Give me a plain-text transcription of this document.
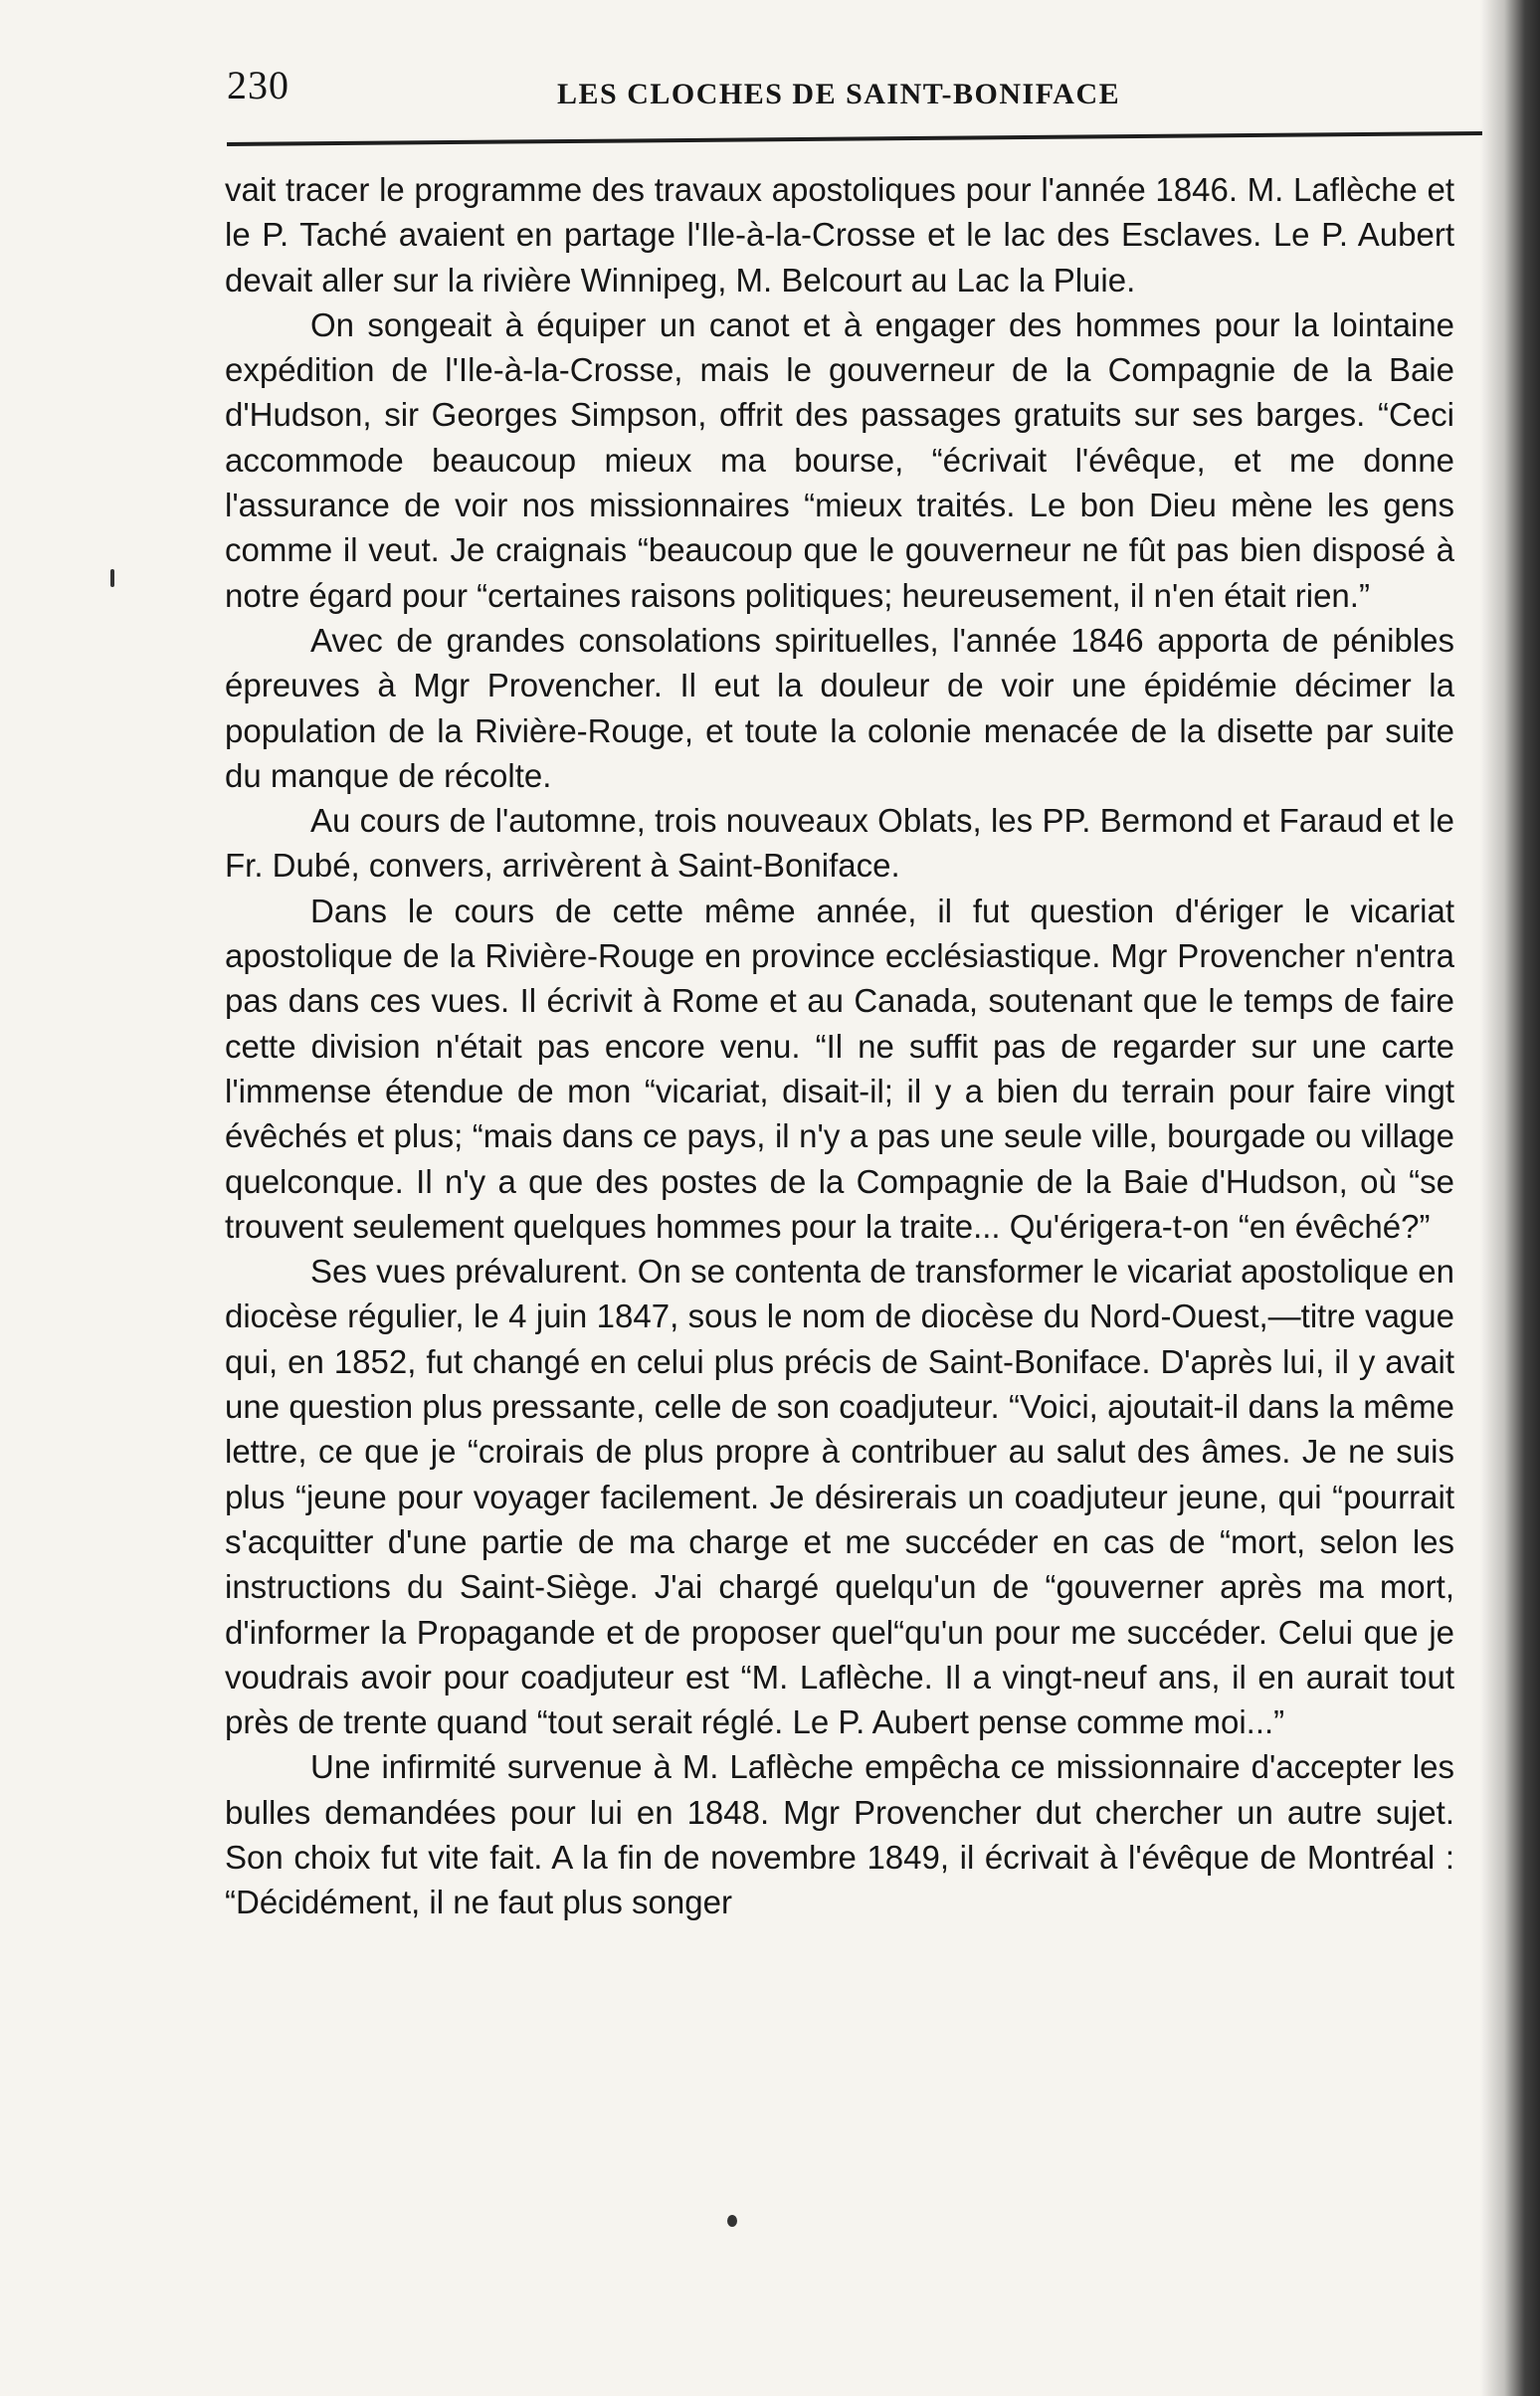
230	LES CLOCHES DE SAINT-BONIFACE

vait tracer le programme des travaux apostoliques pour l'année 1846. M. Laflèche et le P. Taché avaient en partage l'Ile-à-la-Crosse et le lac des Esclaves. Le P. Aubert devait aller sur la rivière Winnipeg, M. Belcourt au Lac la Pluie.

On songeait à équiper un canot et à engager des hommes pour la lointaine expédition de l'Ile-à-la-Crosse, mais le gouverneur de la Compagnie de la Baie d'Hudson, sir Georges Simpson, offrit des passages gratuits sur ses barges. “Ceci accommode beaucoup mieux ma bourse, “écrivait l'évêque, et me donne l'assurance de voir nos missionnaires “mieux traités. Le bon Dieu mène les gens comme il veut. Je craignais “beaucoup que le gouverneur ne fût pas bien disposé à notre égard pour “certaines raisons politiques; heureusement, il n'en était rien.”

Avec de grandes consolations spirituelles, l'année 1846 apporta de pénibles épreuves à Mgr Provencher. Il eut la douleur de voir une épidémie décimer la population de la Rivière-Rouge, et toute la colonie menacée de la disette par suite du manque de récolte.

Au cours de l'automne, trois nouveaux Oblats, les PP. Bermond et Faraud et le Fr. Dubé, convers, arrivèrent à Saint-Boniface.

Dans le cours de cette même année, il fut question d'ériger le vicariat apostolique de la Rivière-Rouge en province ecclésiastique. Mgr Provencher n'entra pas dans ces vues. Il écrivit à Rome et au Canada, soutenant que le temps de faire cette division n'était pas encore venu. “Il ne suffit pas de regarder sur une carte l'immense étendue de mon “vicariat, disait-il; il y a bien du terrain pour faire vingt évêchés et plus; “mais dans ce pays, il n'y a pas une seule ville, bourgade ou village quelconque. Il n'y a que des postes de la Compagnie de la Baie d'Hudson, où “se trouvent seulement quelques hommes pour la traite... Qu'érigera-t-on “en évêché?”

Ses vues prévalurent. On se contenta de transformer le vicariat apostolique en diocèse régulier, le 4 juin 1847, sous le nom de diocèse du Nord-Ouest,—titre vague qui, en 1852, fut changé en celui plus précis de Saint-Boniface. D'après lui, il y avait une question plus pressante, celle de son coadjuteur. “Voici, ajoutait-il dans la même lettre, ce que je “croirais de plus propre à contribuer au salut des âmes. Je ne suis plus “jeune pour voyager facilement. Je désirerais un coadjuteur jeune, qui “pourrait s'acquitter d'une partie de ma charge et me succéder en cas de “mort, selon les instructions du Saint-Siège. J'ai chargé quelqu'un de “gouverner après ma mort, d'informer la Propagande et de proposer quel“qu'un pour me succéder. Celui que je voudrais avoir pour coadjuteur est “M. Laflèche. Il a vingt-neuf ans, il en aurait tout près de trente quand “tout serait réglé. Le P. Aubert pense comme moi...”

Une infirmité survenue à M. Laflèche empêcha ce missionnaire d'accepter les bulles demandées pour lui en 1848. Mgr Provencher dut chercher un autre sujet. Son choix fut vite fait. A la fin de novembre 1849, il écrivait à l'évêque de Montréal : “Décidément, il ne faut plus songer
